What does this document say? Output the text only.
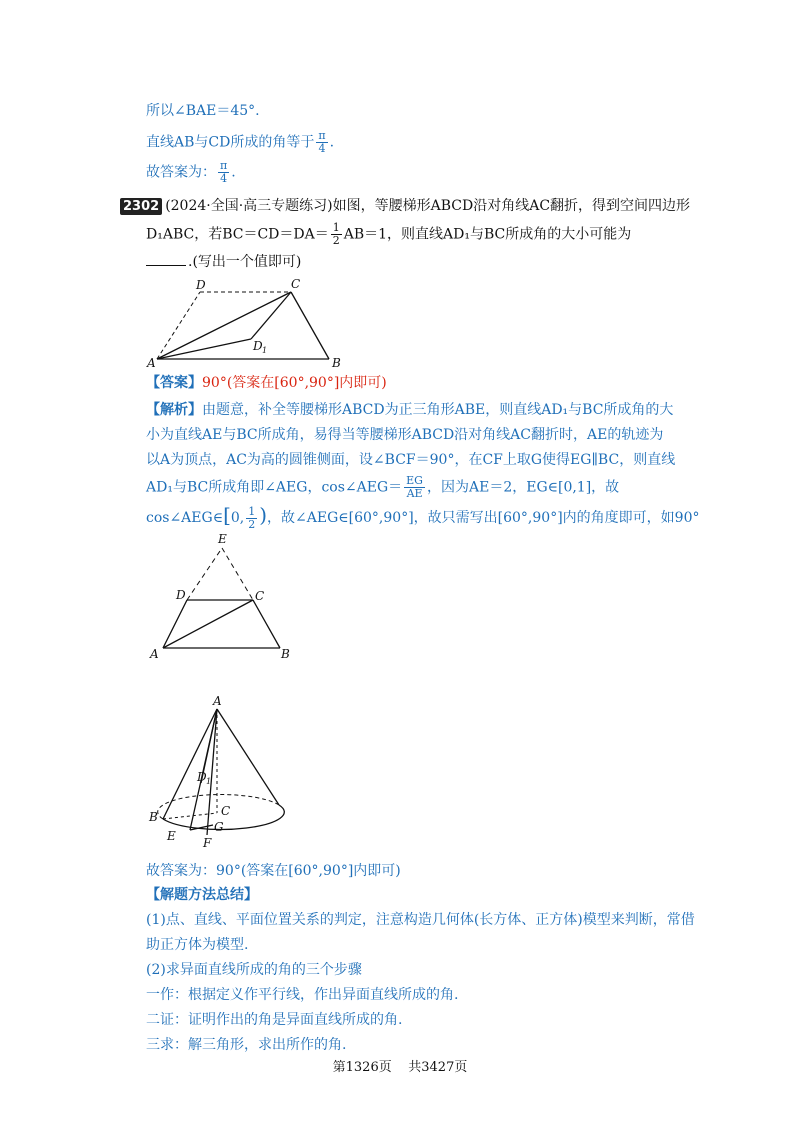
所以∠BAE＝45°.
直线AB与CD所成的角等于 $\frac{\pi}{4}$ .
故答案为： $\frac{\pi}{4}$ .
2302 (2024·全国·高三专题练习)如图，等腰梯形ABCD沿对角线AC翻折，得到空间四边形
D₁ABC，若$BC=CD=DA= \frac{1}{2} AB=1$，则直线AD₁与BC所成角的大小可能为
.(写出一个值即可)
A	B
C
D
D 1
【答案】90°(答案在[60°,90°]内即可)
【解析】由题意，补全等腰梯形ABCD为正三角形ABE，则直线AD₁与BC所成角的大
小为直线AE与BC所成角，易得当等腰梯形ABCD沿对角线AC翻折时，AE的轨迹为
以A为顶点，AC为高的圆锥侧面，设∠BCF＝90°，在CF上取G使得EG∥BC，则直线
AD₁与BC所成角即∠AEG，cos∠AEG＝ $\frac{EG}{AE}$ ，因为AE＝2，EG∈[0,1]，故
cos∠AEG∈[0, $\frac{1}{2}$ )，故∠AEG∈[60°,90°]，故只需写出[60°,90°]内的角度即可，如90°
E
D	C
A	B
A
D 1
C
B
E F
G
故答案为：90°(答案在[60°,90°]内即可)
【解题方法总结】
(1)点、直线、平面位置关系的判定，注意构造几何体(长方体、正方体)模型来判断，常借
助正方体为模型.
(2)求异面直线所成的角的三个步骤
一作：根据定义作平行线，作出异面直线所成的角.
二证：证明作出的角是异面直线所成的角.
三求：解三角形，求出所作的角.
第1326页 共3427页
